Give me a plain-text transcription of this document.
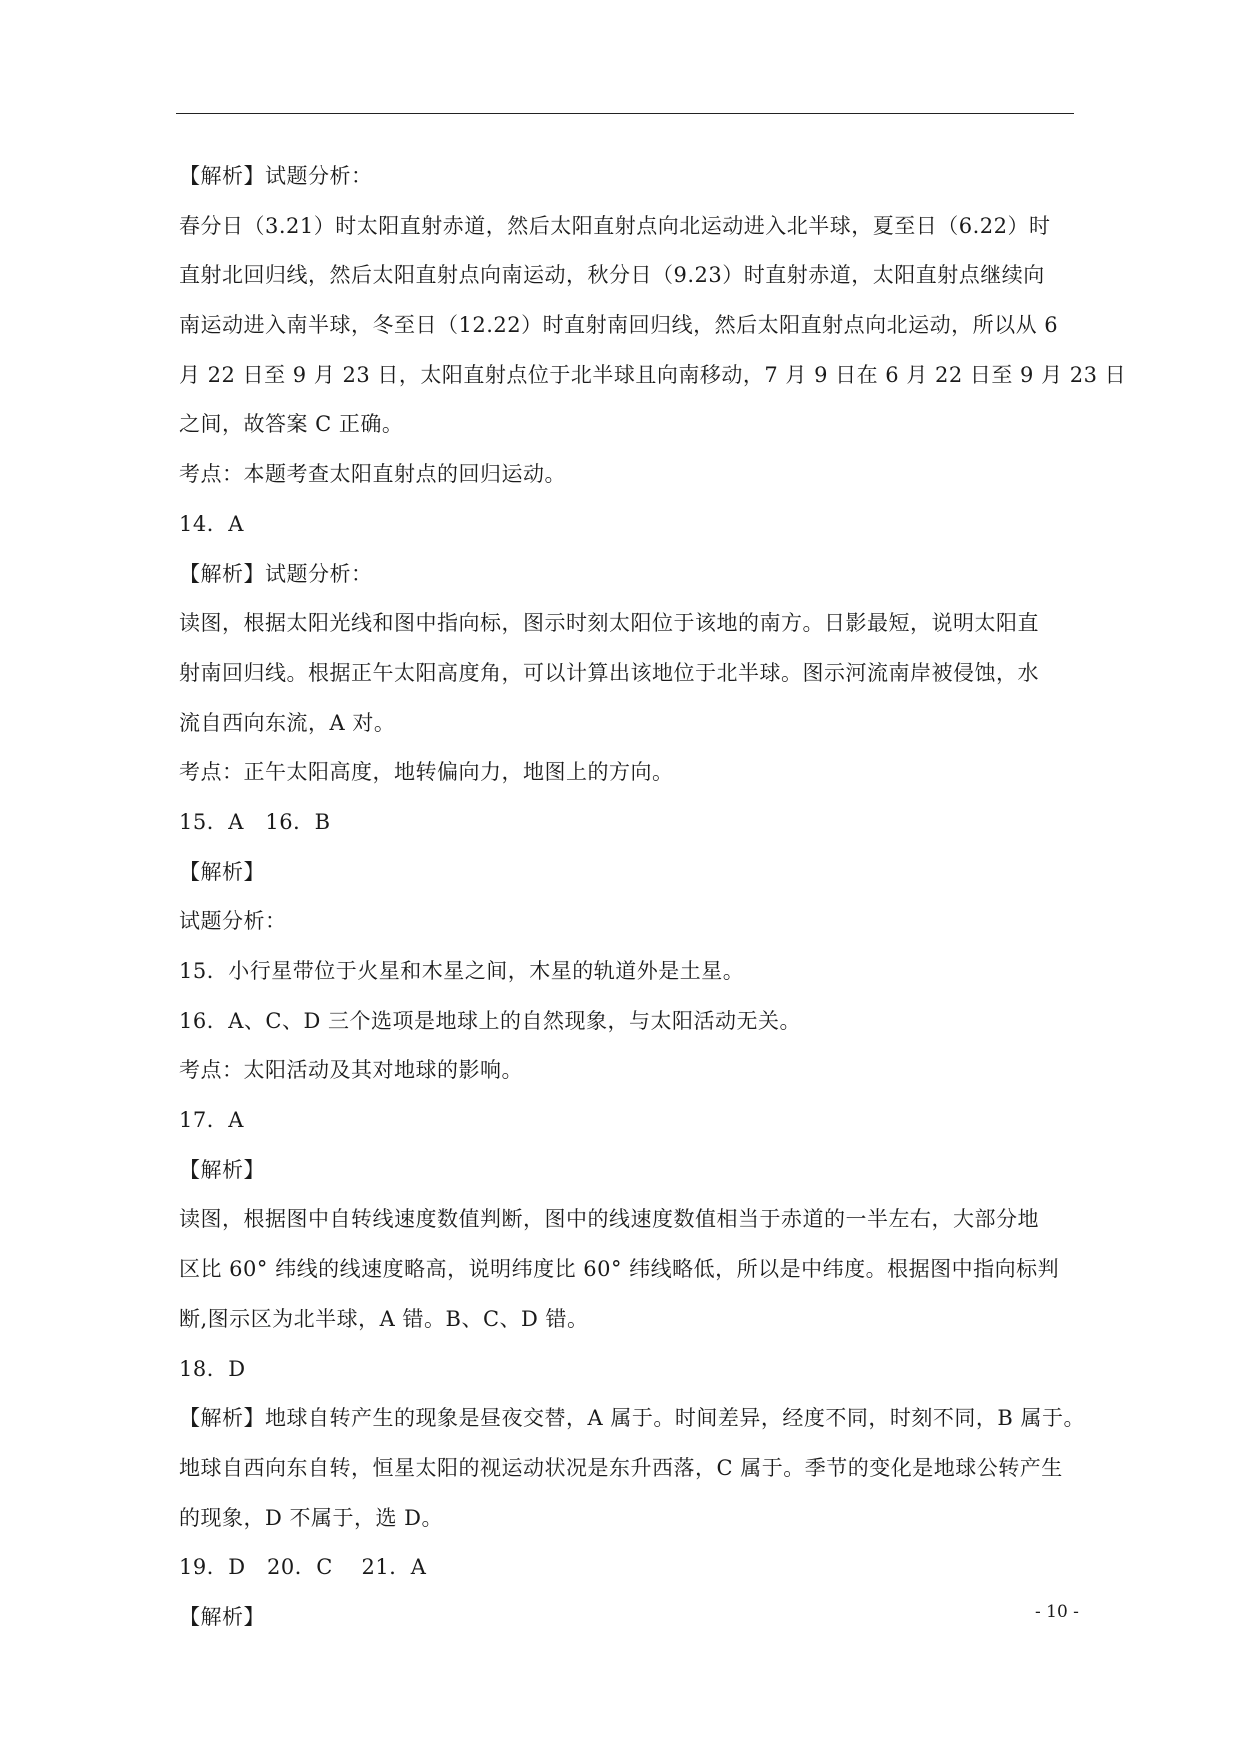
【解析】试题分析：
春分日（3.21）时太阳直射赤道，然后太阳直射点向北运动进入北半球，夏至日（6.22）时
直射北回归线，然后太阳直射点向南运动，秋分日（9.23）时直射赤道，太阳直射点继续向
南运动进入南半球，冬至日（12.22）时直射南回归线，然后太阳直射点向北运动，所以从 6
月 22 日至 9 月 23 日，太阳直射点位于北半球且向南移动，7 月 9 日在 6 月 22 日至 9 月 23 日
之间，故答案 C 正确。
考点：本题考查太阳直射点的回归运动。
14．A
【解析】试题分析：
读图，根据太阳光线和图中指向标，图示时刻太阳位于该地的南方。日影最短，说明太阳直
射南回归线。根据正午太阳高度角，可以计算出该地位于北半球。图示河流南岸被侵蚀，水
流自西向东流，A 对。
考点：正午太阳高度，地转偏向力，地图上的方向。
15．A　16．B
【解析】
试题分析：
15．小行星带位于火星和木星之间，木星的轨道外是土星。
16．A、C、D 三个选项是地球上的自然现象，与太阳活动无关。
考点：太阳活动及其对地球的影响。
17．A
【解析】
读图，根据图中自转线速度数值判断，图中的线速度数值相当于赤道的一半左右，大部分地
区比 60° 纬线的线速度略高，说明纬度比 60° 纬线略低，所以是中纬度。根据图中指向标判
断,图示区为北半球，A 错。B、C、D 错。
18．D
【解析】地球自转产生的现象是昼夜交替，A 属于。时间差异，经度不同，时刻不同，B 属于。
地球自西向东自转，恒星太阳的视运动状况是东升西落，C 属于。季节的变化是地球公转产生
的现象，D 不属于，选 D。
19．D　20．C　 21．A
【解析】	- 10 -
